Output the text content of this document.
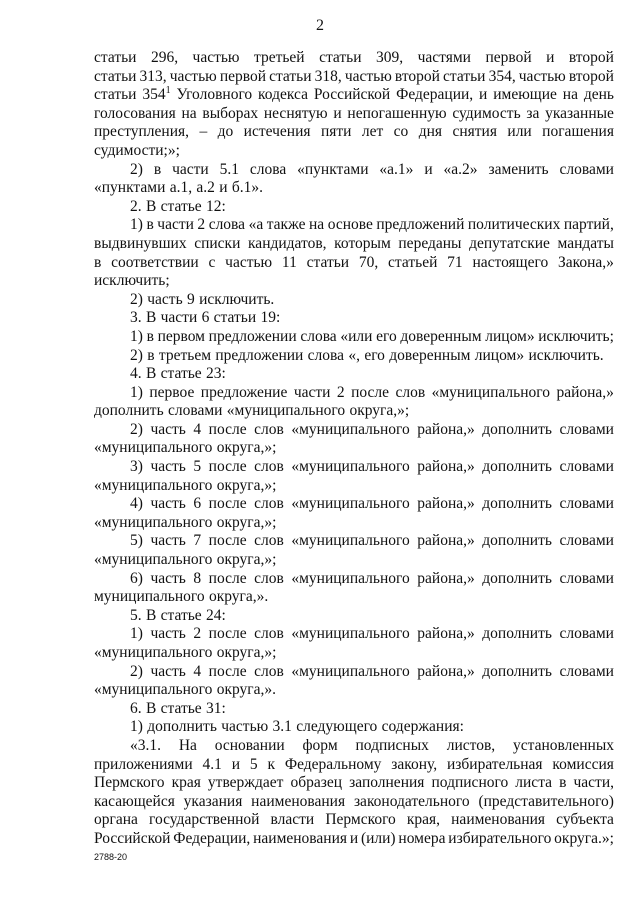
2
статьи 296, частью третьей статьи 309, частями первой и второй
статьи 313, частью первой статьи 318, частью второй статьи 354, частью второй
статьи $354^1$ Уголовного кодекса Российской Федерации, и имеющие на день
голосования на выборах неснятую и непогашенную судимость за указанные
преступления, – до истечения пяти лет со дня снятия или погашения
судимости;»;
2) в части 5.1 слова «пунктами «а.1» и «а.2» заменить словами
«пунктами а.1, а.2 и б.1».
2. В статье 12:
1) в части 2 слова «а также на основе предложений политических партий,
выдвинувших списки кандидатов, которым переданы депутатские мандаты
в соответствии с частью 11 статьи 70, статьей 71 настоящего Закона,»
исключить;
2) часть 9 исключить.
3. В части 6 статьи 19:
1) в первом предложении слова «или его доверенным лицом» исключить;
2) в третьем предложении слова «, его доверенным лицом» исключить.
4. В статье 23:
1) первое предложение части 2 после слов «муниципального района,»
дополнить словами «муниципального округа,»;
2) часть 4 после слов «муниципального района,» дополнить словами
«муниципального округа,»;
3) часть 5 после слов «муниципального района,» дополнить словами
«муниципального округа,»;
4) часть 6 после слов «муниципального района,» дополнить словами
«муниципального округа,»;
5) часть 7 после слов «муниципального района,» дополнить словами
«муниципального округа,»;
6) часть 8 после слов «муниципального района,» дополнить словами
муниципального округа,».
5. В статье 24:
1) часть 2 после слов «муниципального района,» дополнить словами
«муниципального округа,»;
2) часть 4 после слов «муниципального района,» дополнить словами
«муниципального округа,».
6. В статье 31:
1) дополнить частью 3.1 следующего содержания:
«3.1. На основании форм подписных листов, установленных
приложениями 4.1 и 5 к Федеральному закону, избирательная комиссия
Пермского края утверждает образец заполнения подписного листа в части,
касающейся указания наименования законодательного (представительного)
органа государственной власти Пермского края, наименования субъекта
Российской Федерации, наименования и (или) номера избирательного округа.»;
2788-20
